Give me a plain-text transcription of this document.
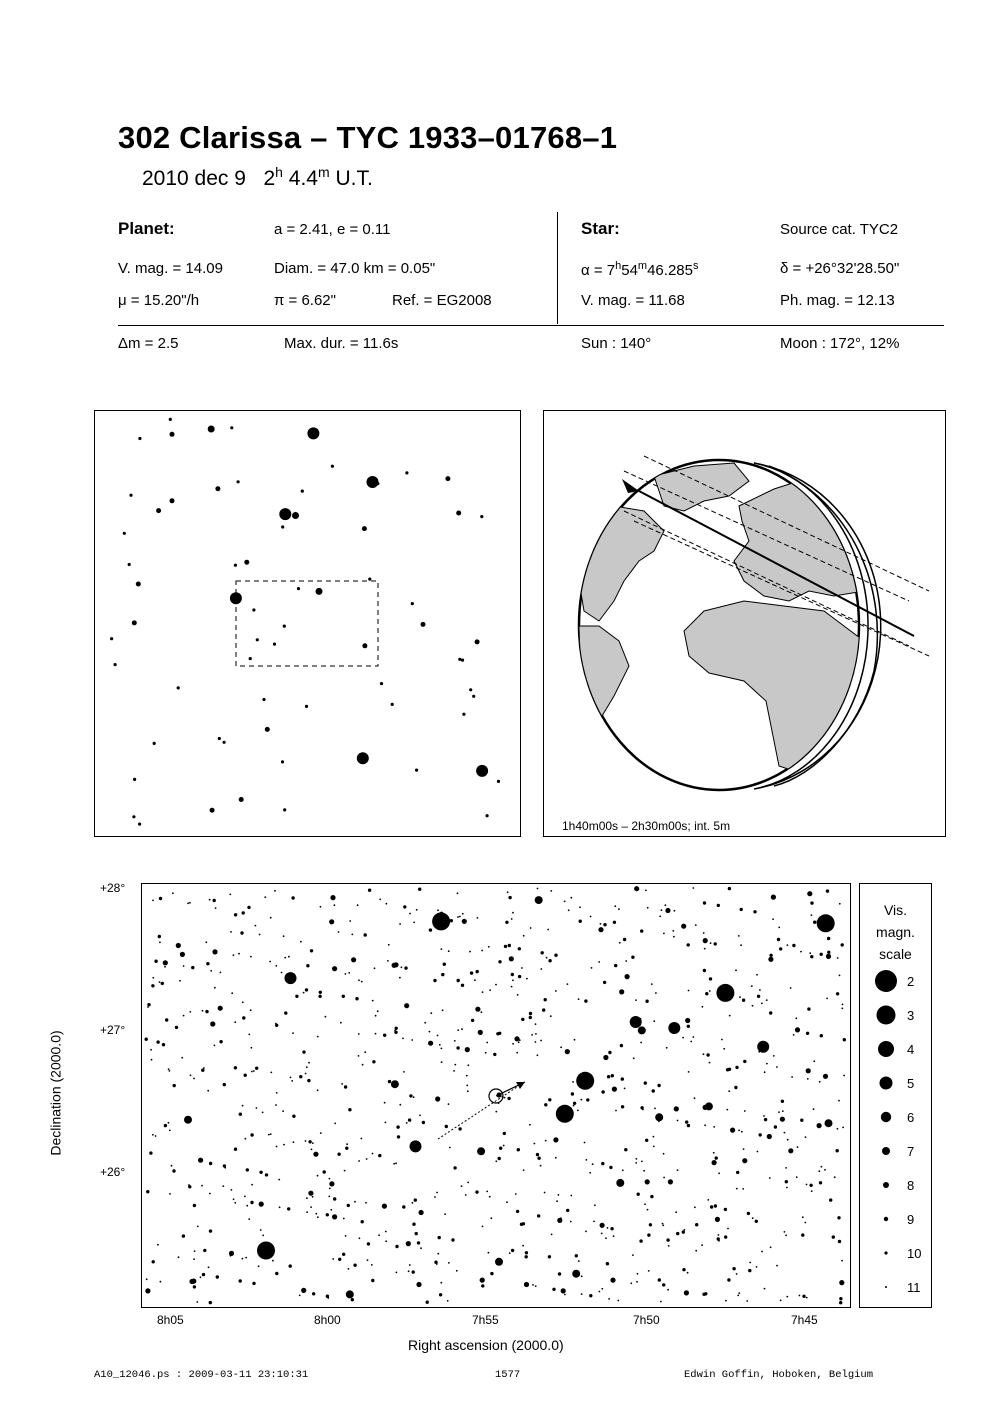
302 Clarissa – TYC 1933–01768–1
2010 dec 9 2$^h$ 4.4$^m$ U.T.
Planet:	a = 2.41, e = 0.11
V. mag. = 14.09	Diam. = 47.0 km = 0.05"
μ = 15.20"/h	π = 6.62"	Ref. = EG2008
Star:	Source cat. TYC2
$\alpha = 7^h54^m46.285^s$	δ = +26°32'28.50"
V. mag. = 11.68	Ph. mag. = 12.13
Δm = 2.5	Max. dur. = 11.6s	Sun : 140°	Moon : 172°, 12%
1h40m00s – 2h30m00s; int. 5m
+28°
+27°
+26°
8h05	8h00	7h55	7h50	7h45
Right ascension (2000.0)
Declination (2000.0)
Vis.
magn.
scale
2
3
4
5
6
7
8
9
10
11
A10_12046.ps : 2009-03-11 23:10:31	1577	Edwin Goffin, Hoboken, Belgium
